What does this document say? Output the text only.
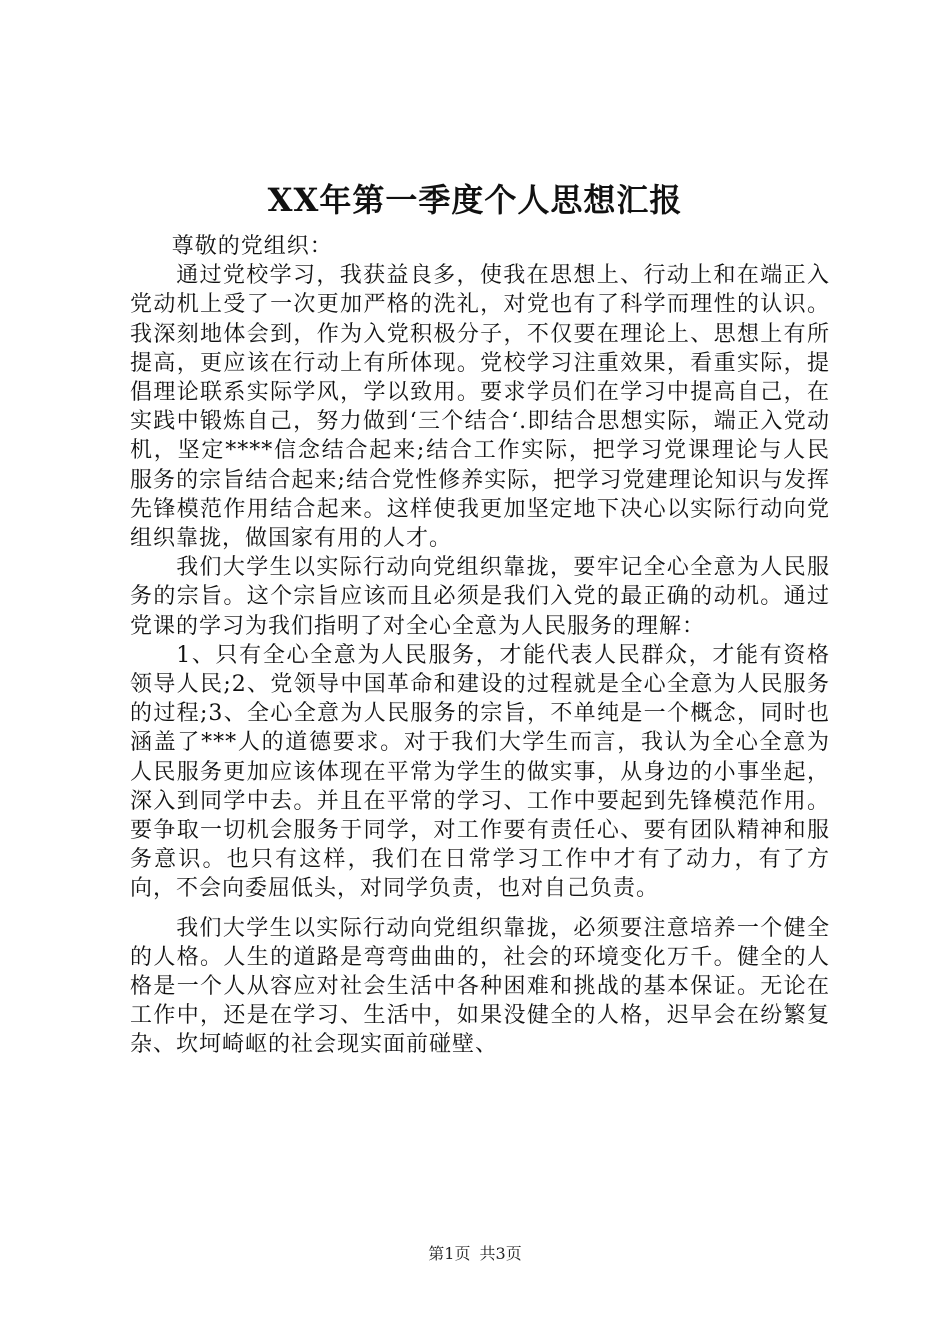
XX年第一季度个人思想汇报

尊敬的党组织：

通过党校学习，我获益良多，使我在思想上、行动上和在端正入党动机上受了一次更加严格的洗礼，对党也有了科学而理性的认识。我深刻地体会到，作为入党积极分子，不仅要在理论上、思想上有所提高，更应该在行动上有所体现。党校学习注重效果，看重实际，提倡理论联系实际学风，学以致用。要求学员们在学习中提高自己，在实践中锻炼自己，努力做到‘三个结合‘.即结合思想实际，端正入党动机，坚定****信念结合起来;结合工作实际，把学习党课理论与人民服务的宗旨结合起来;结合党性修养实际，把学习党建理论知识与发挥先锋模范作用结合起来。这样使我更加坚定地下决心以实际行动向党组织靠拢，做国家有用的人才。

我们大学生以实际行动向党组织靠拢，要牢记全心全意为人民服务的宗旨。这个宗旨应该而且必须是我们入党的最正确的动机。通过党课的学习为我们指明了对全心全意为人民服务的理解：

1、只有全心全意为人民服务，才能代表人民群众，才能有资格领导人民;2、党领导中国革命和建设的过程就是全心全意为人民服务的过程;3、全心全意为人民服务的宗旨，不单纯是一个概念，同时也涵盖了***人的道德要求。对于我们大学生而言，我认为全心全意为人民服务更加应该体现在平常为学生的做实事，从身边的小事坐起，深入到同学中去。并且在平常的学习、工作中要起到先锋模范作用。要争取一切机会服务于同学，对工作要有责任心、要有团队精神和服务意识。也只有这样，我们在日常学习工作中才有了动力，有了方向，不会向委屈低头，对同学负责，也对自己负责。

我们大学生以实际行动向党组织靠拢，必须要注意培养一个健全的人格。人生的道路是弯弯曲曲的，社会的环境变化万千。健全的人格是一个人从容应对社会生活中各种困难和挑战的基本保证。无论在工作中，还是在学习、生活中，如果没健全的人格，迟早会在纷繁复杂、坎坷崎岖的社会现实面前碰壁、

第1页 共3页
